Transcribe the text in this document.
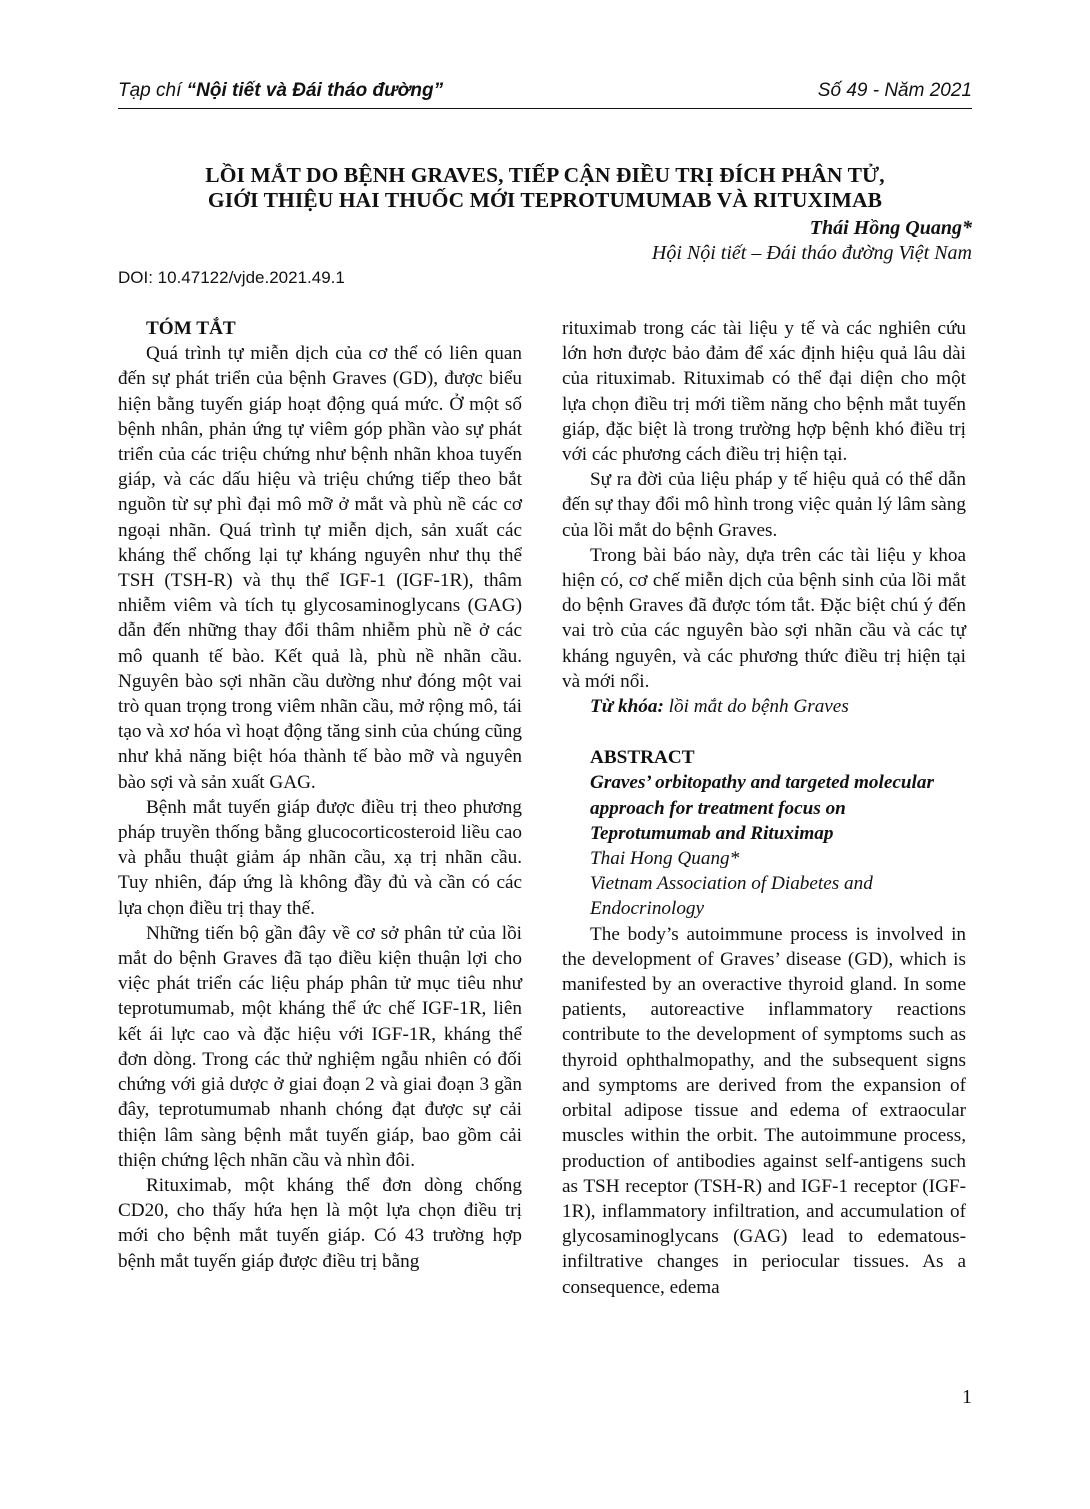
Tạp chí “Nội tiết và Đái tháo đường”	Số 49 - Năm 2021
LỒI MẮT DO BỆNH GRAVES, TIẾP CẬN ĐIỀU TRỊ ĐÍCH PHÂN TỬ,
GIỚI THIỆU HAI THUỐC MỚI TEPROTUMUMAB VÀ RITUXIMAB
Thái Hồng Quang*
Hội Nội tiết – Đái tháo đường Việt Nam
DOI: 10.47122/vjde.2021.49.1

TÓM TẮT

Quá trình tự miễn dịch của cơ thể có liên quan đến sự phát triển của bệnh Graves (GD), được biểu hiện bằng tuyến giáp hoạt động quá mức. Ở một số bệnh nhân, phản ứng tự viêm góp phần vào sự phát triển của các triệu chứng như bệnh nhãn khoa tuyến giáp, và các dấu hiệu và triệu chứng tiếp theo bắt nguồn từ sự phì đại mô mỡ ở mắt và phù nề các cơ ngoại nhãn. Quá trình tự miễn dịch, sản xuất các kháng thể chống lại tự kháng nguyên như thụ thể TSH (TSH-R) và thụ thể IGF-1 (IGF-1R), thâm nhiễm viêm và tích tụ glycosaminoglycans (GAG) dẫn đến những thay đổi thâm nhiễm phù nề ở các mô quanh tế bào. Kết quả là, phù nề nhãn cầu. Nguyên bào sợi nhãn cầu dường như đóng một vai trò quan trọng trong viêm nhãn cầu, mở rộng mô, tái tạo và xơ hóa vì hoạt động tăng sinh của chúng cũng như khả năng biệt hóa thành tế bào mỡ và nguyên bào sợi và sản xuất GAG.

Bệnh mắt tuyến giáp được điều trị theo phương pháp truyền thống bằng glucocorticosteroid liều cao và phẫu thuật giảm áp nhãn cầu, xạ trị nhãn cầu. Tuy nhiên, đáp ứng là không đầy đủ và cần có các lựa chọn điều trị thay thế.

Những tiến bộ gần đây về cơ sở phân tử của lồi mắt do bệnh Graves đã tạo điều kiện thuận lợi cho việc phát triển các liệu pháp phân tử mục tiêu như teprotumumab, một kháng thể ức chế IGF-1R, liên kết ái lực cao và đặc hiệu với IGF-1R, kháng thể đơn dòng. Trong các thử nghiệm ngẫu nhiên có đối chứng với giả dược ở giai đoạn 2 và giai đoạn 3 gần đây, teprotumumab nhanh chóng đạt được sự cải thiện lâm sàng bệnh mắt tuyến giáp, bao gồm cải thiện chứng lệch nhãn cầu và nhìn đôi.

Rituximab, một kháng thể đơn dòng chống CD20, cho thấy hứa hẹn là một lựa chọn điều trị mới cho bệnh mắt tuyến giáp. Có 43 trường hợp bệnh mắt tuyến giáp được điều trị bằng

rituximab trong các tài liệu y tế và các nghiên cứu lớn hơn được bảo đảm để xác định hiệu quả lâu dài của rituximab. Rituximab có thể đại diện cho một lựa chọn điều trị mới tiềm năng cho bệnh mắt tuyến giáp, đặc biệt là trong trường hợp bệnh khó điều trị với các phương cách điều trị hiện tại.

Sự ra đời của liệu pháp y tế hiệu quả có thể dẫn đến sự thay đổi mô hình trong việc quản lý lâm sàng của lồi mắt do bệnh Graves.

Trong bài báo này, dựa trên các tài liệu y khoa hiện có, cơ chế miễn dịch của bệnh sinh của lồi mắt do bệnh Graves đã được tóm tắt. Đặc biệt chú ý đến vai trò của các nguyên bào sợi nhãn cầu và các tự kháng nguyên, và các phương thức điều trị hiện tại và mới nổi.

Từ khóa: lồi mắt do bệnh Graves

ABSTRACT

Graves’ orbitopathy and targeted molecular

approach for treatment focus on

Teprotumumab and Rituximap

Thai Hong Quang*

Vietnam Association of Diabetes and

Endocrinology

The body’s autoimmune process is involved in the development of Graves’ disease (GD), which is manifested by an overactive thyroid gland. In some patients, autoreactive inflammatory reactions contribute to the development of symptoms such as thyroid ophthalmopathy, and the subsequent signs and symptoms are derived from the expansion of orbital adipose tissue and edema of extraocular muscles within the orbit. The autoimmune process, production of antibodies against self-antigens such as TSH receptor (TSH-R) and IGF-1 receptor (IGF-1R), inflammatory infiltration, and accumulation of glycosaminoglycans (GAG) lead to edematous-infiltrative changes in periocular tissues. As a consequence, edema

1
